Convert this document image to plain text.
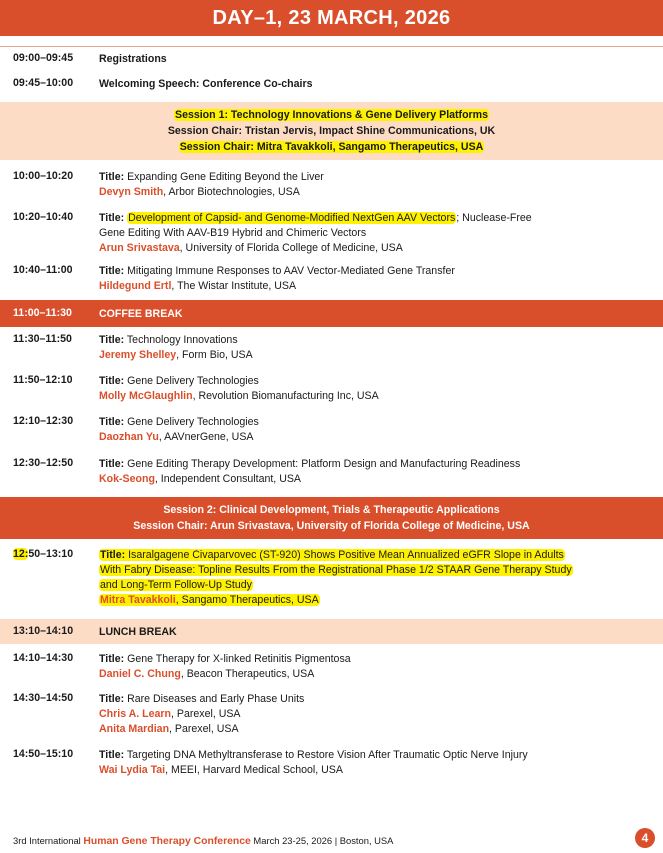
DAY–1, 23 MARCH, 2026
09:00–09:45 Registrations
09:45–10:00 Welcoming Speech: Conference Co-chairs
Session 1: Technology Innovations & Gene Delivery Platforms
Session Chair: Tristan Jervis, Impact Shine Communications, UK
Session Chair: Mitra Tavakkoli, Sangamo Therapeutics, USA
10:00–10:20 Title: Expanding Gene Editing Beyond the Liver
Devyn Smith, Arbor Biotechnologies, USA
10:20–10:40 Title: Development of Capsid- and Genome-Modified NextGen AAV Vectors; Nuclease-Free
Gene Editing With AAV-B19 Hybrid and Chimeric Vectors
Arun Srivastava, University of Florida College of Medicine, USA
10:40–11:00	Title: Mitigating Immune Responses to AAV Vector-Mediated Gene Transfer
Hildegund Ertl, The Wistar Institute, USA
11:00–11:30	COFFEE BREAK
11:30–11:50	Title: Technology Innovations
Jeremy Shelley, Form Bio, USA
11:50–12:10	Title: Gene Delivery Technologies
Molly McGlaughlin, Revolution Biomanufacturing Inc, USA
12:10–12:30 Title: Gene Delivery Technologies
Daozhan Yu, AAVnerGene, USA
12:30–12:50 Title: Gene Editing Therapy Development: Platform Design and Manufacturing Readiness
Kok-Seong, Independent Consultant, USA
Session 2: Clinical Development, Trials & Therapeutic Applications
Session Chair: Arun Srivastava, University of Florida College of Medicine, USA
12:50–13:10	Title: Isaralgagene Civaparvovec (ST-920) Shows Positive Mean Annualized eGFR Slope in Adults
With Fabry Disease: Topline Results From the Registrational Phase 1/2 STAAR Gene Therapy Study
and Long-Term Follow-Up Study
Mitra Tavakkoli, Sangamo Therapeutics, USA
13:10–14:10 LUNCH BREAK
14:10–14:30 Title: Gene Therapy for X-linked Retinitis Pigmentosa
Daniel C. Chung, Beacon Therapeutics, USA
14:30–14:50 Title: Rare Diseases and Early Phase Units
Chris A. Learn, Parexel, USA
Anita Mardian, Parexel, USA
14:50–15:10 Title: Targeting DNA Methyltransferase to Restore Vision After Traumatic Optic Nerve Injury
Wai Lydia Tai, MEEI, Harvard Medical School, USA
3rd International Human Gene Therapy Conference March 23-25, 2026 | Boston, USA	4
